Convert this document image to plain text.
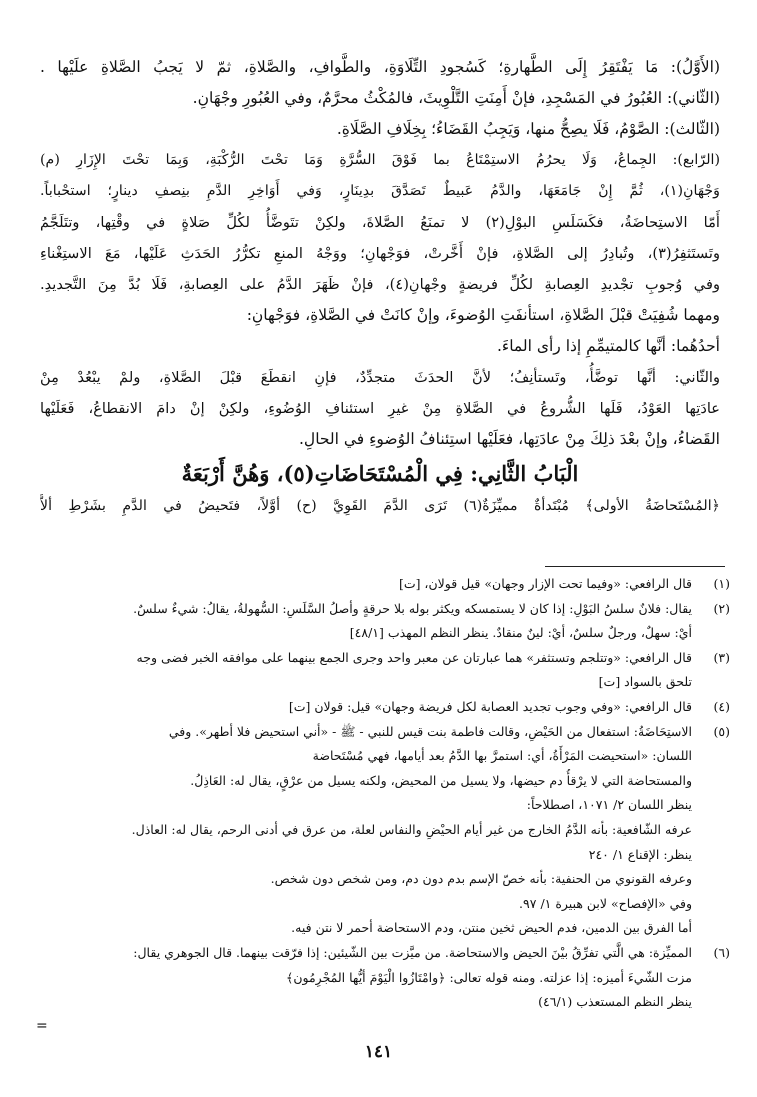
(الأَوَّلُ): مَا يَفْتَقِرُ إِلَى الطَّهارةِ؛ كَسُجودِ التِّلَاوَةِ، والطَّوافِ، والصَّلاةِ، ثمّ لا يَجبُ الصَّلاةِ علَيْها .
(الثّاني): العُبُورُ في المَسْجِدِ، فإنْ أَمِنَتِ التَّلْوِيثَ، فالمُكْثُ محرَّمٌ، وفي العُبُورِ وجْهَانِ.
(الثّالث): الصَّوْمُ، فَلَا يصِحُّ منها، وَيَجِبُ القَضَاءُ؛ بِخِلَافِ الصَّلَاةِ.
(الرّابع): الجِماعُ، وَلَا يحرُمُ الاستِمْتَاعُ بما فَوْقَ السُّرَّةِ وَمَا تحْتَ الرُّكْبَةِ، وَبِمَا تحْتَ الإِزَارِ (م)
وَجْهَانِ(١)، ثُمَّ إِنْ جَامَعَهَا، والدَّمُ عَبيطٌ تَصَدَّقَ بدِينَارٍ، وَفي أَوَاخِرِ الدَّمِ بنِصفِ دينارٍ؛ استحْباباً.
أَمّا الاستِحاضَةُ، فكَسَلَسِ البوْلِ(٢) لا تمنَعُ الصَّلاةَ، ولكِنْ تتَوضَّأُ لكُلِّ صَلاةٍ في وقْتِها، وتتَلَجَّمُ
وتَستَثفِرُ(٣)، وتُبادِرُ إلى الصَّلاةِ، فإنْ أَخَّرتْ، فوَجْهانِ؛ ووَجْهُ المنعِ تكرُّرُ الحَدَثِ عَلَيْها، مَعَ الاستِغْناءِ
وفي وُجوبِ تجْديدِ العِصابةِ لكُلِّ فريضةٍ وجْهانِ(٤)، فإنْ ظَهَرَ الدَّمُ على العِصابةِ، فَلَا بُدَّ مِنَ التَّجديدِ.
ومهما شُفِيَتْ قبْلَ الصَّلاةِ، استأنفَتِ الوُضوءَ، وإنْ كانَتْ في الصَّلاةِ، فوَجْهانِ:
أحدُهُما: أنَّها كالمتيمِّمِ إذا رأى الماءَ.
والثّاني: أنَّها توضَّأُ، وتَستأنِفُ؛ لأنَّ الحدَثَ متجدِّدٌ، فإنِ انقطَعَ قبْلَ الصَّلاةِ، ولمْ يبْعُدْ مِنْ
عادَتِها العَوْدُ، فَلَها الشُّروعُ في الصَّلاةِ مِنْ غيرِ استئنافِ الوُضُوءِ، ولكِنْ إنْ دامَ الانقطاعُ، فَعَلَيْها
القَضاءُ، وإنْ بعْدَ ذلِكَ مِنْ عادَتِها، فعَلَيْها استِئنافُ الوُضوءِ في الحالِ.
الْبَابُ الثَّانِي: فِي الْمُسْتَحَاضَاتِ(٥)، وَهُنَّ أَرْبَعَةٌ
﴿المُسْتَحاضَةُ الأولى﴾ مُبْتَدأةٌ مميِّزَةٌ(٦) تَرَى الدَّمَ القَوِيَّ (ح) أوَّلاً، فتَحيضُ في الدَّمِ بشَرْطِ ألاَّ
(١)
قال الرافعي: «وفيما تحت الإزار وجهان» قيل قولان، [ت]
(٢)
يقال: فلانٌ سلسُ البَوْلِ: إذا كان لا يستمسكه ويكثر بوله بلا حرقةٍ وأصلُ السَّلَسِ: السُّهولةُ، يقالُ: شيءٌ سلسٌ.
أيْ: سهلٌ، ورجلٌ سلسٌ، أيْ: لينٌ منقادٌ. ينظر النظم المهذب [٤٨/١]
(٣)
قال الرافعي: «وتتلجم وتستثفر» هما عبارتان عن معبر واحد وجرى الجمع بينهما على موافقه الخبر فضى وجه
تلحق بالسواد [ت]
(٤)
قال الرافعي: «وفي وجوب تجديد العصابة لكل فريضة وجهان» قيل: قولان [ت]
(٥)
الاستِحَاضَةُ: استفعال من الحَيْضِ، وقالت فاطمة بنت قيس للنبي - ﷺ - «أني استحيض فلا أطهر». وفي
اللسان: «استحيضت المَرْأَةُ، أي: استمرَّ بها الدَّمُ بعد أيامها، فهي مُسْتَحاضة
والمستحاضة التي لا يرْقأُ دم حيضها، ولا يسيل من المحيض، ولكنه يسيل من عرْقٍ، يقال له: العَاذِلُ.
ينظر اللسان ٢/ ١٠٧١، اصطلاحاً:
عرفه الشّافعية: بأنه الدَّمُ الخارج من غير أيام الحيْضِ والنفاس لعلة، من عرق في أدنى الرحم، يقال له: العاذل.
ينظر: الإقناع ١/ ٢٤٠
وعرفه القونوي من الحنفية: بأنه خصّ الإسم بدم دون دم، ومن شخص دون شخص.
وفي «الإفصاح» لابن هبيرة ١/ ٩٧.
أما الفرق بين الدمين، فدم الحيض ثخين منتن، ودم الاستحاضة أحمر لا نتن فيه.
(٦)
المميِّزة: هي الَّتي تفرِّقُ بيْنَ الحيض والاستحاضة. من ميَّزت بين الشّيئين: إذا فرّقت بينهما. قال الجوهري يقال:
مزت الشّيءَ أميزه: إذا عزلته. ومنه قوله تعالى: ﴿وامْتَازُوا الْيَوْمَ أيُّها المُجْرِمُون﴾
ينظر النظم المستعذب (٤٦/١)
=
١٤١
